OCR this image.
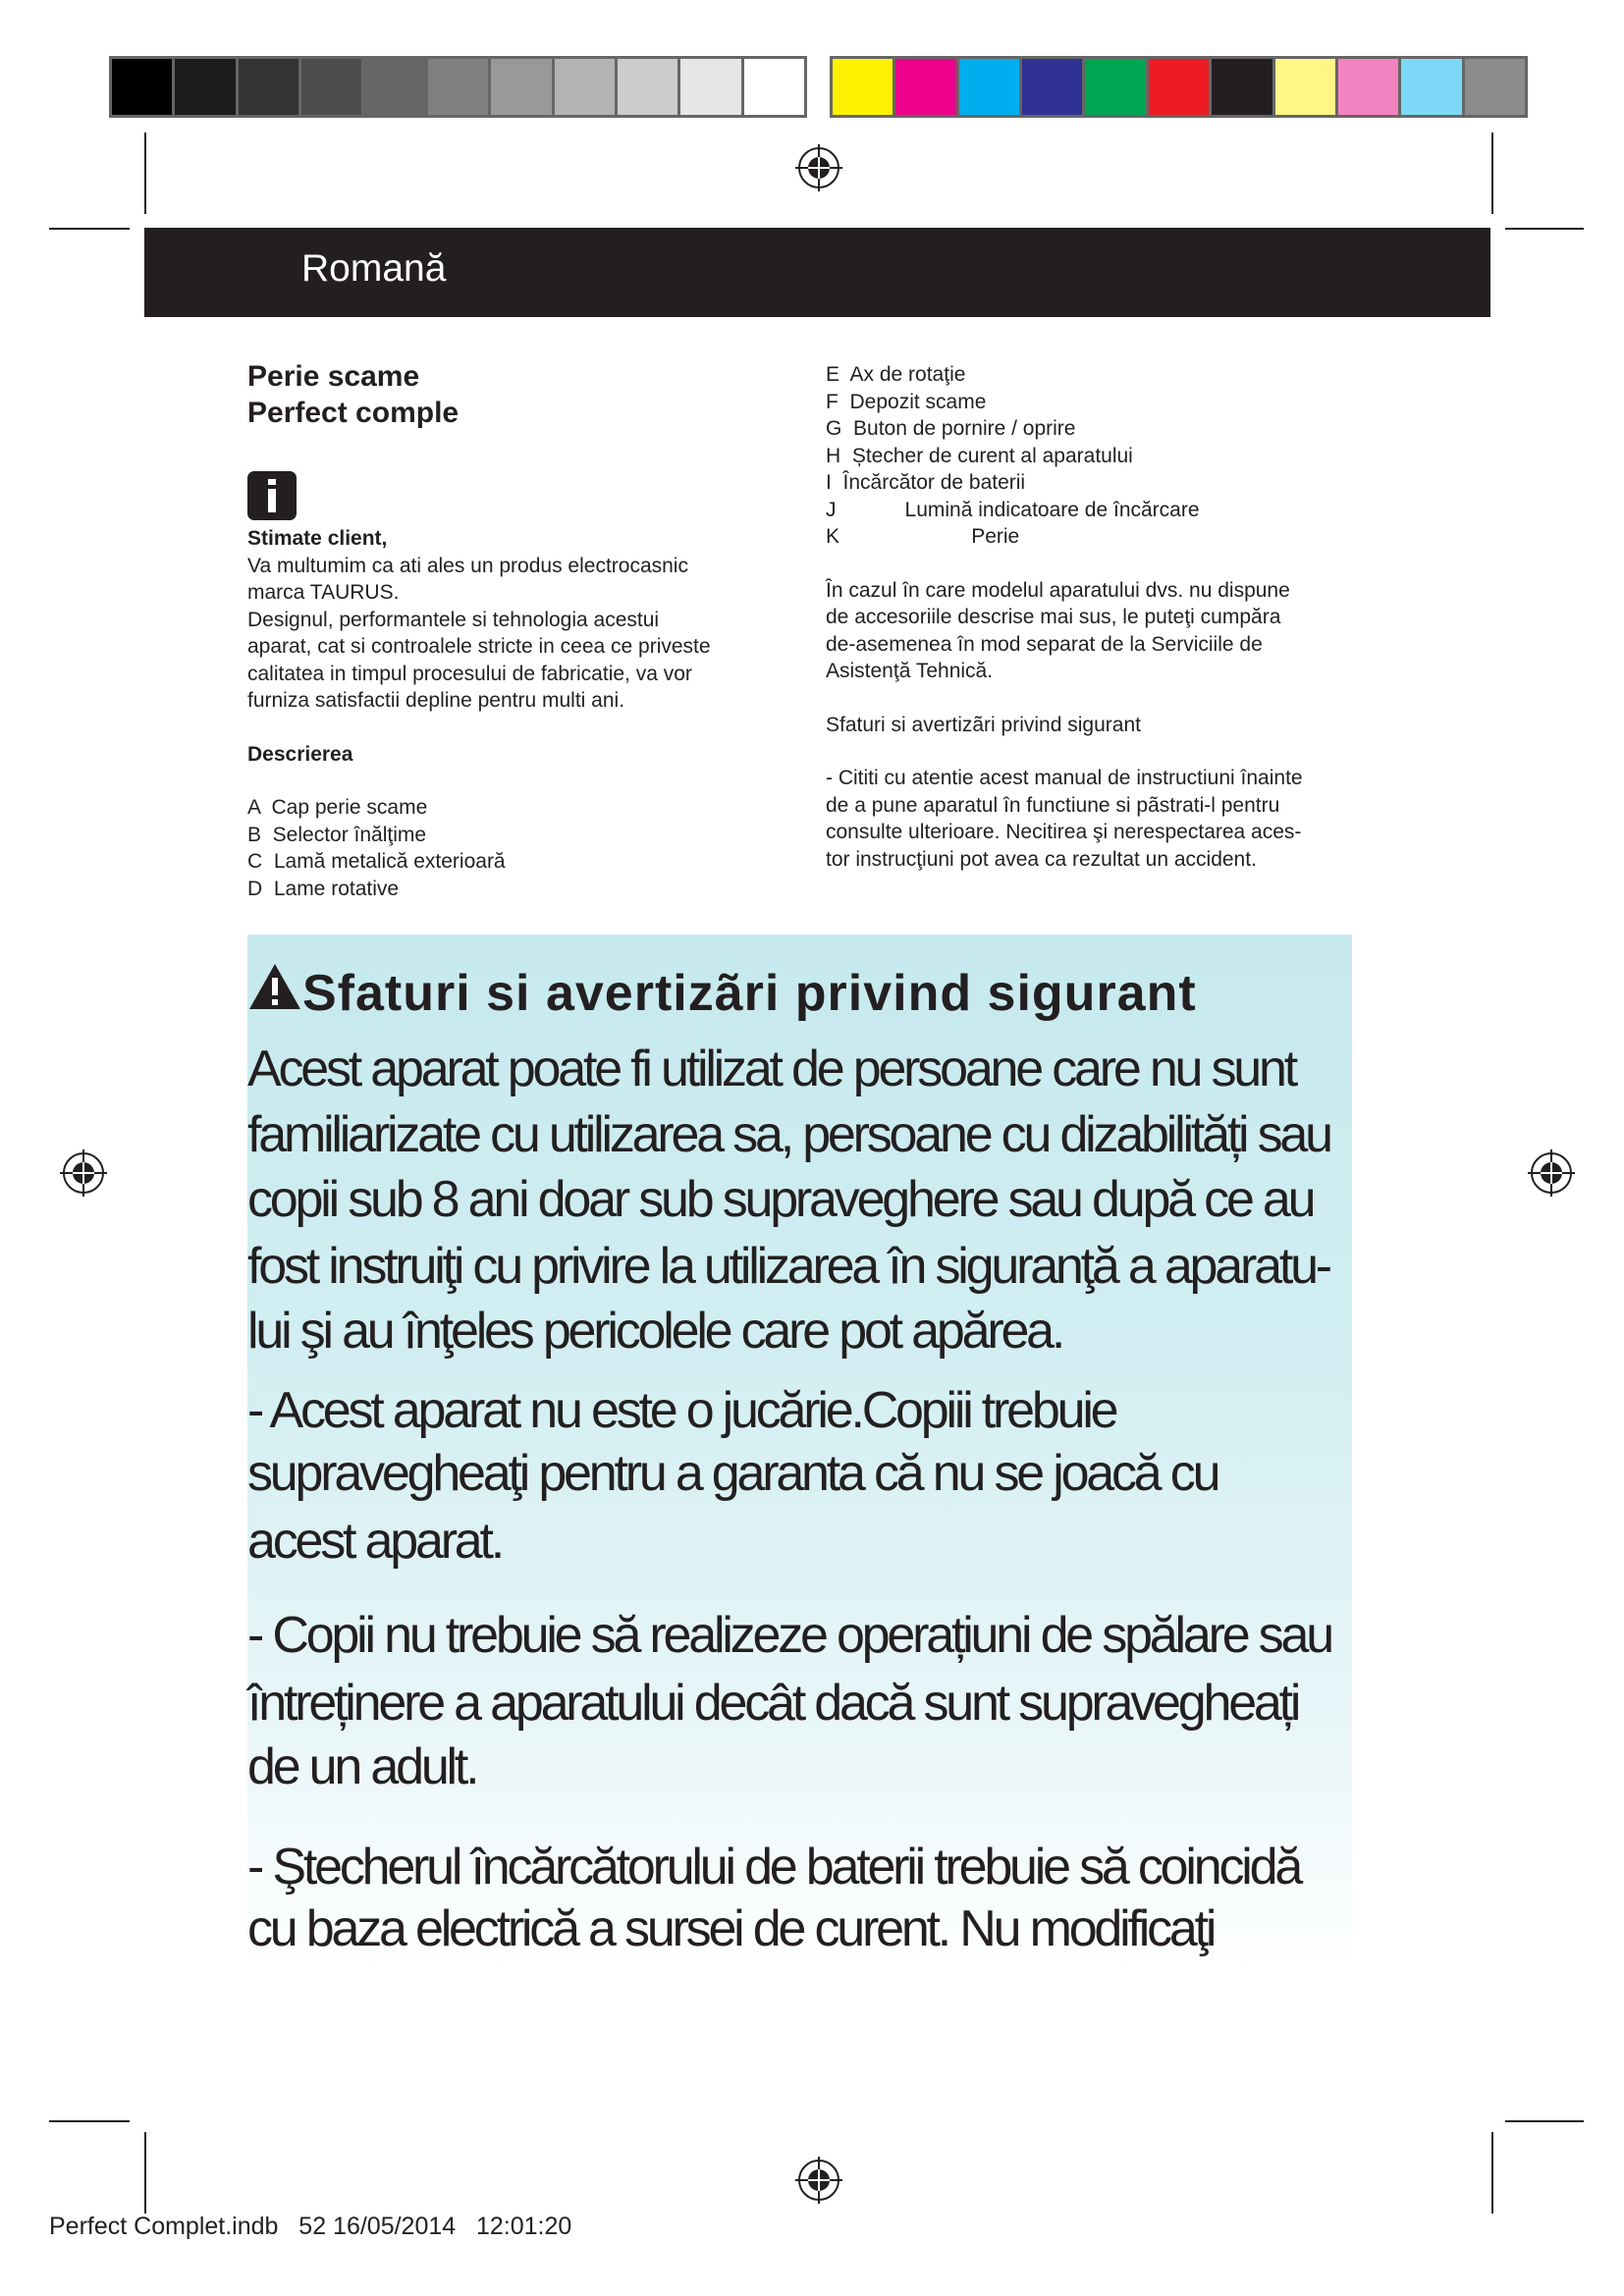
Romană
Perie scame
Perfect comple
Stimate client,
Va multumim ca ati ales un produs electrocasnic
marca TAURUS.
Designul, performantele si tehnologia acestui
aparat, cat si controalele stricte in ceea ce priveste
calitatea in timpul procesului de fabricatie, va vor
furniza satisfactii depline pentru multi ani.
Descrierea
A  Cap perie scame
B  Selector înălţime
C  Lamă metalică exterioară
D  Lame rotative
E  Ax de rotaţie
F  Depozit scame
G  Buton de pornire / oprire
H  Ștecher de curent al aparatului
I  Încărcător de baterii
J            Lumină indicatoare de încărcare
K                       Perie
În cazul în care modelul aparatului dvs. nu dispune
de accesoriile descrise mai sus, le puteţi cumpăra
de-asemenea în mod separat de la Serviciile de
Asistenţă Tehnică.
Sfaturi si avertizãri privind sigurant
- Cititi cu atentie acest manual de instructiuni înainte
de a pune aparatul în functiune si pãstrati-l pentru
consulte ulterioare. Necitirea şi nerespectarea aces-
tor instrucţiuni pot avea ca rezultat un accident.
Sfaturi si avertizãri privind sigurant
Acest aparat poate fi utilizat de persoane care nu sunt
familiarizate cu utilizarea sa, persoane cu dizabilități sau
copii sub 8 ani doar sub supraveghere sau după ce au
fost instruiţi cu privire la utilizarea în siguranţă a aparatu-
lui şi au înţeles pericolele care pot apărea.
- Acest aparat nu este o jucărie.Copiii trebuie
supravegheaţi pentru a garanta că nu se joacă cu
acest aparat.
- Copii nu trebuie să realizeze operațiuni de spălare sau
întreținere a aparatului decât dacă sunt supravegheați
de un adult.
- Ştecherul încărcătorului de baterii trebuie să coincidă
cu baza electrică a sursei de curent. Nu modificaţi
Perfect Complet.indb   52 16/05/2014   12:01:20
